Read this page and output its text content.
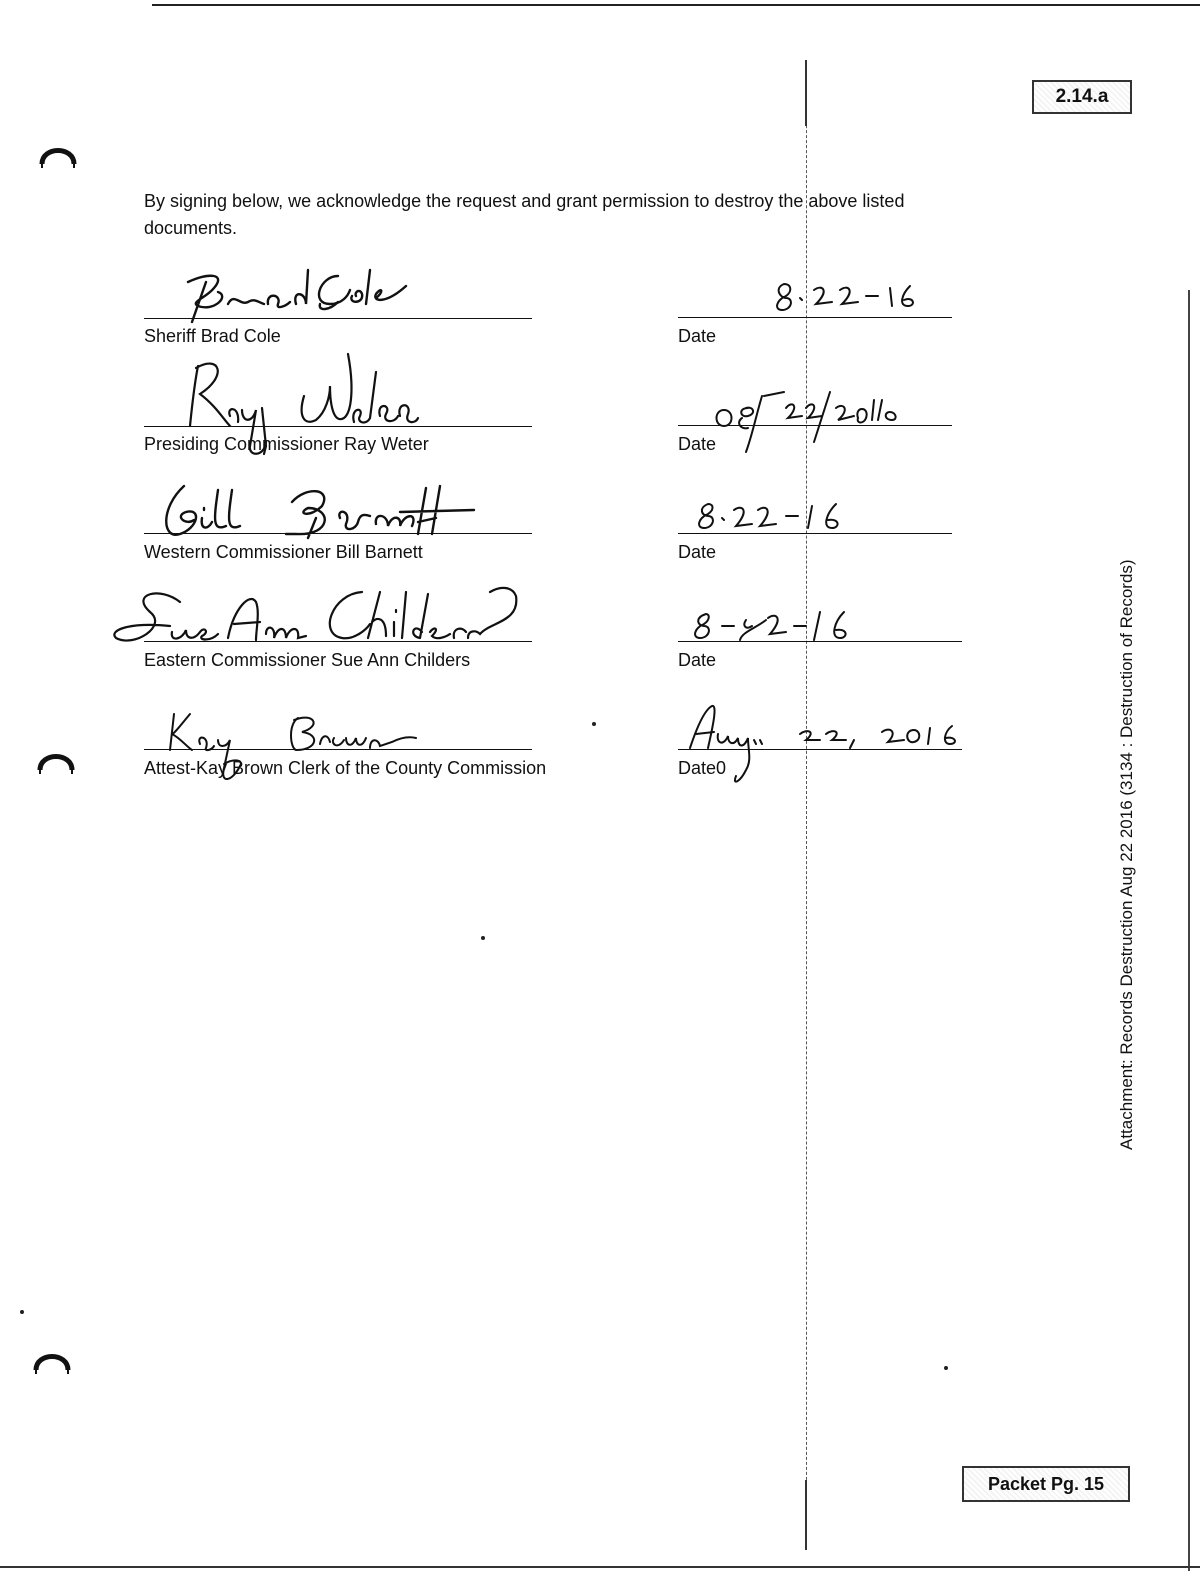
2.14.a
Packet Pg. 15
Attachment: Records Destruction Aug 22 2016 (3134 : Destruction of Records)
By signing below, we acknowledge the request and grant permission to destroy the above listed documents.
Sheriff Brad Cole	Date
Presiding Commissioner Ray Weter	Date
Western Commissioner Bill Barnett	Date
Eastern Commissioner Sue Ann Childers	Date
Attest-Kay Brown Clerk of the County Commission	Date0
